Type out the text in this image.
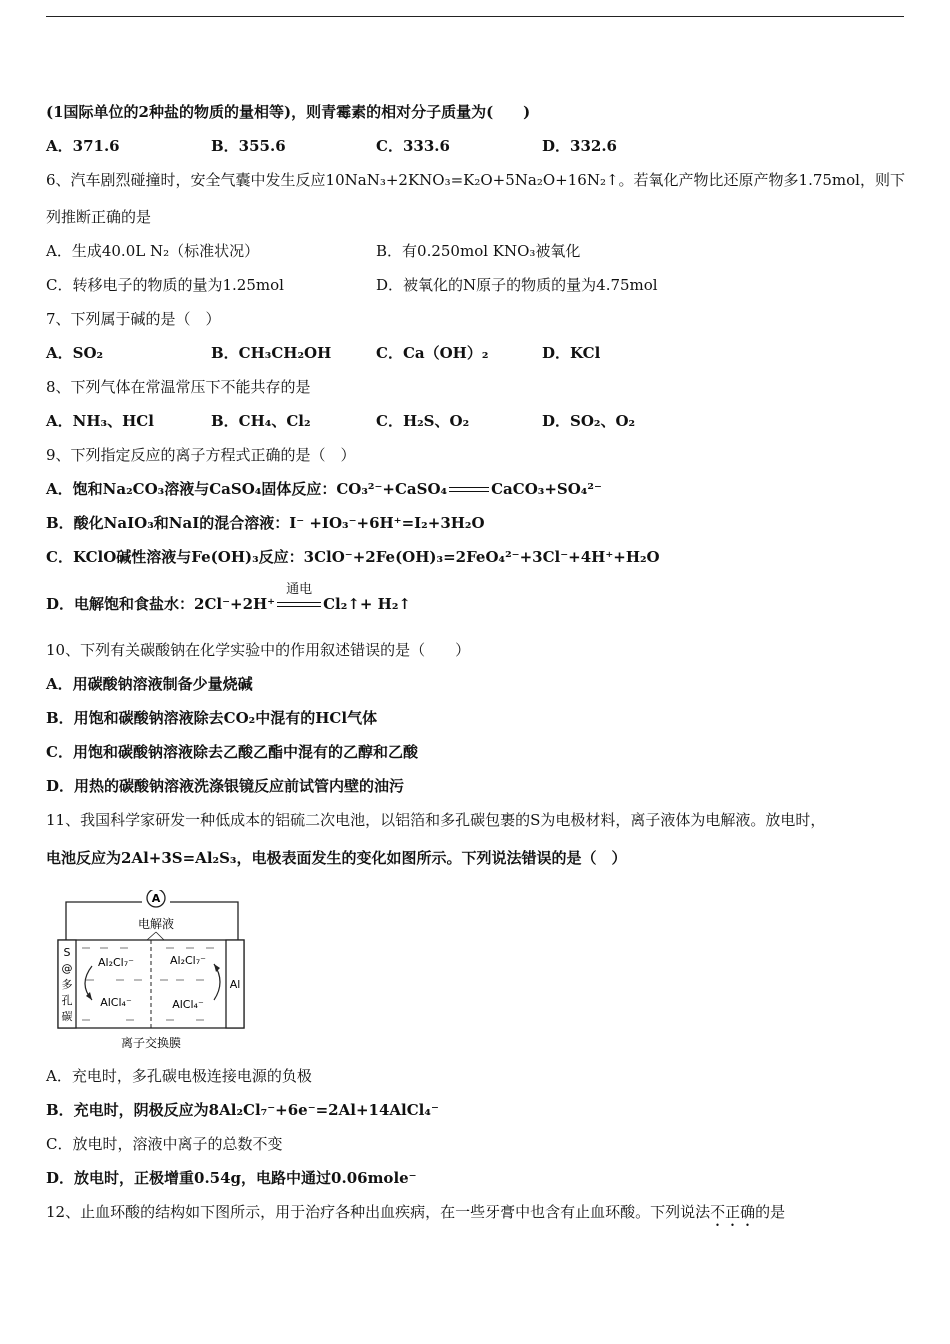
(1国际单位的2种盐的物质的量相等)，则青霉素的相对分子质量为(　　)
A．371.6	B．355.6	C．333.6	D．332.6
6、汽车剧烈碰撞时，安全气囊中发生反应10NaN₃+2KNO₃=K₂O+5Na₂O+16N₂↑。若氧化产物比还原产物多1.75mol，则下
列推断正确的是
A．生成40.0L N₂（标准状况）	B．有0.250mol KNO₃被氧化
C．转移电子的物质的量为1.25mol	D．被氧化的N原子的物质的量为4.75mol
7、下列属于碱的是（　）
A．SO₂	B．CH₃CH₂OH	C．Ca（OH）₂	D．KCl
8、下列气体在常温常压下不能共存的是
A．NH₃、HCl	B．CH₄、Cl₂	C．H₂S、O₂	D．SO₂、O₂
9、下列指定反应的离子方程式正确的是（　）
A．饱和Na₂CO₃溶液与CaSO₄固体反应：CO₃²⁻+CaSO₄	CaCO₃+SO₄²⁻
B．酸化NaIO₃和NaI的混合溶液：I⁻ +IO₃⁻+6H⁺=I₂+3H₂O
C．KClO碱性溶液与Fe(OH)₃反应：3ClO⁻+2Fe(OH)₃=2FeO₄²⁻+3Cl⁻+4H⁺+H₂O
D．电解饱和食盐水：2Cl⁻+2H⁺
通电
Cl₂↑+ H₂↑
10、下列有关碳酸钠在化学实验中的作用叙述错误的是（　　）
A．用碳酸钠溶液制备少量烧碱
B．用饱和碳酸钠溶液除去CO₂中混有的HCl气体
C．用饱和碳酸钠溶液除去乙酸乙酯中混有的乙醇和乙酸
D．用热的碳酸钠溶液洗涤银镜反应前试管内壁的油污
11、我国科学家研发一种低成本的铝硫二次电池，以铝箔和多孔碳包裹的S为电极材料，离子液体为电解液。放电时，
电池反应为2Al+3S=Al₂S₃，电极表面发生的变化如图所示。下列说法错误的是（　）
A
电解液
S
@
多
孔
碳
Al
Al₂Cl₇⁻
AlCl₄⁻
Al₂Cl₇⁻
AlCl₄⁻
离子交换膜
A．充电时，多孔碳电极连接电源的负极
B．充电时，阴极反应为8Al₂Cl₇⁻+6e⁻=2Al+14AlCl₄⁻
C．放电时，溶液中离子的总数不变
D．放电时，正极增重0.54g，电路中通过0.06mole⁻
12、止血环酸的结构如下图所示，用于治疗各种出血疾病，在一些牙膏中也含有止血环酸。下列说法不正确的是
